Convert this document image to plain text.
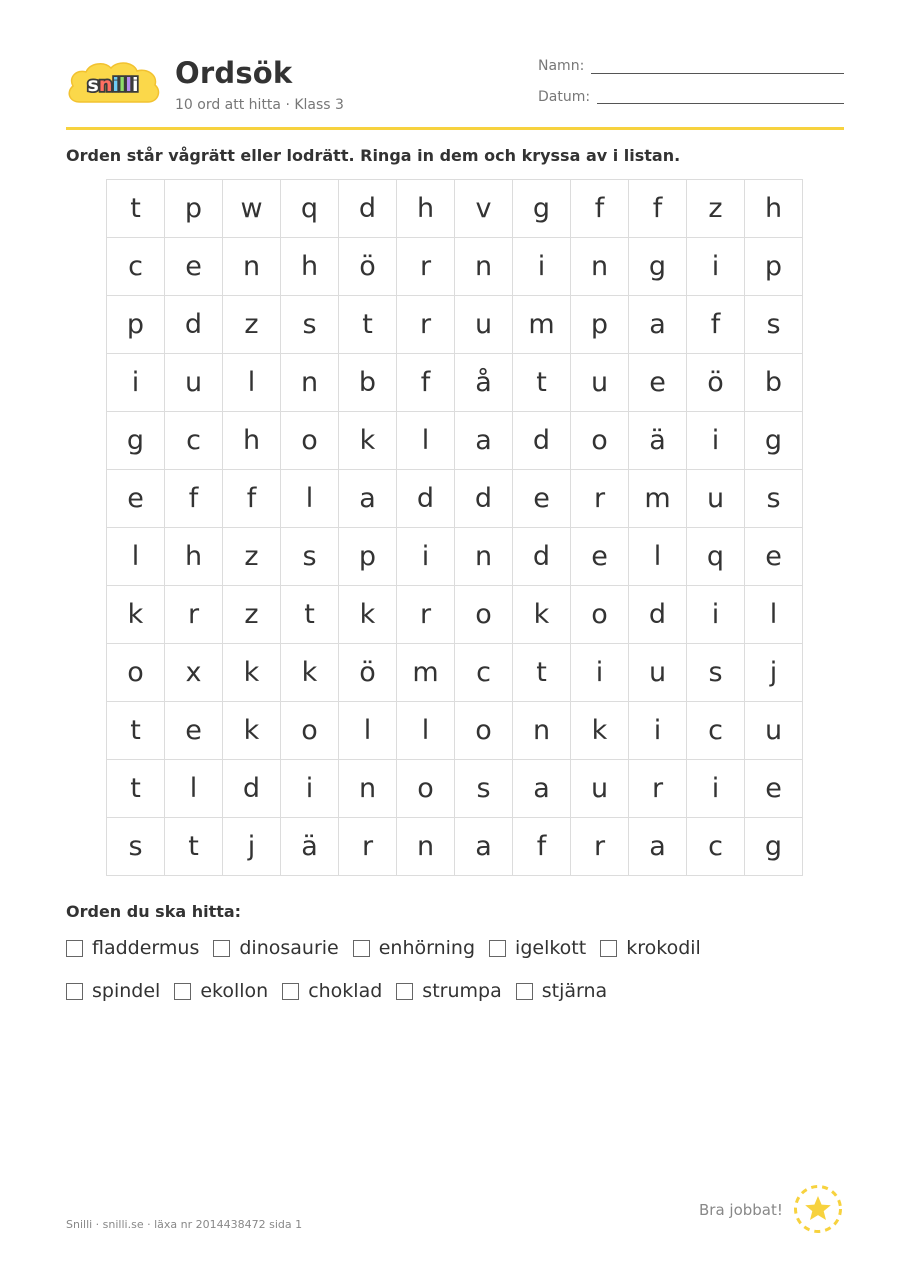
snilli Ordsök
10 ord att hitta · Klass 3
Namn:
Datum:
Orden står vågrätt eller lodrätt. Ringa in dem och kryssa av i listan.
t	p	w	q	d	h	v	g	f	f	z	h
c	e	n	h	ö	r	n	i	n	g	i	p
p	d	z	s	t	r	u	m	p	a	f	s
i	u	l	n	b	f	å	t	u	e	ö	b
g	c	h	o	k	l	a	d	o	ä	i	g
e	f	f	l	a	d	d	e	r	m	u	s
l	h	z	s	p	i	n	d	e	l	q	e
k	r	z	t	k	r	o	k	o	d	i	l
o	x	k	k	ö	m	c	t	i	u	s	j
t	e	k	o	l	l	o	n	k	i	c	u
t	l	d	i	n	o	s	a	u	r	i	e
s	t	j	ä	r	n	a	f	r	a	c	g
Orden du ska hitta:
fladdermus dinosaurie enhörning igelkott krokodil
spindel ekollon choklad strumpa stjärna
Bra jobbat!
Snilli · snilli.se · läxa nr 2014438472 sida 1
